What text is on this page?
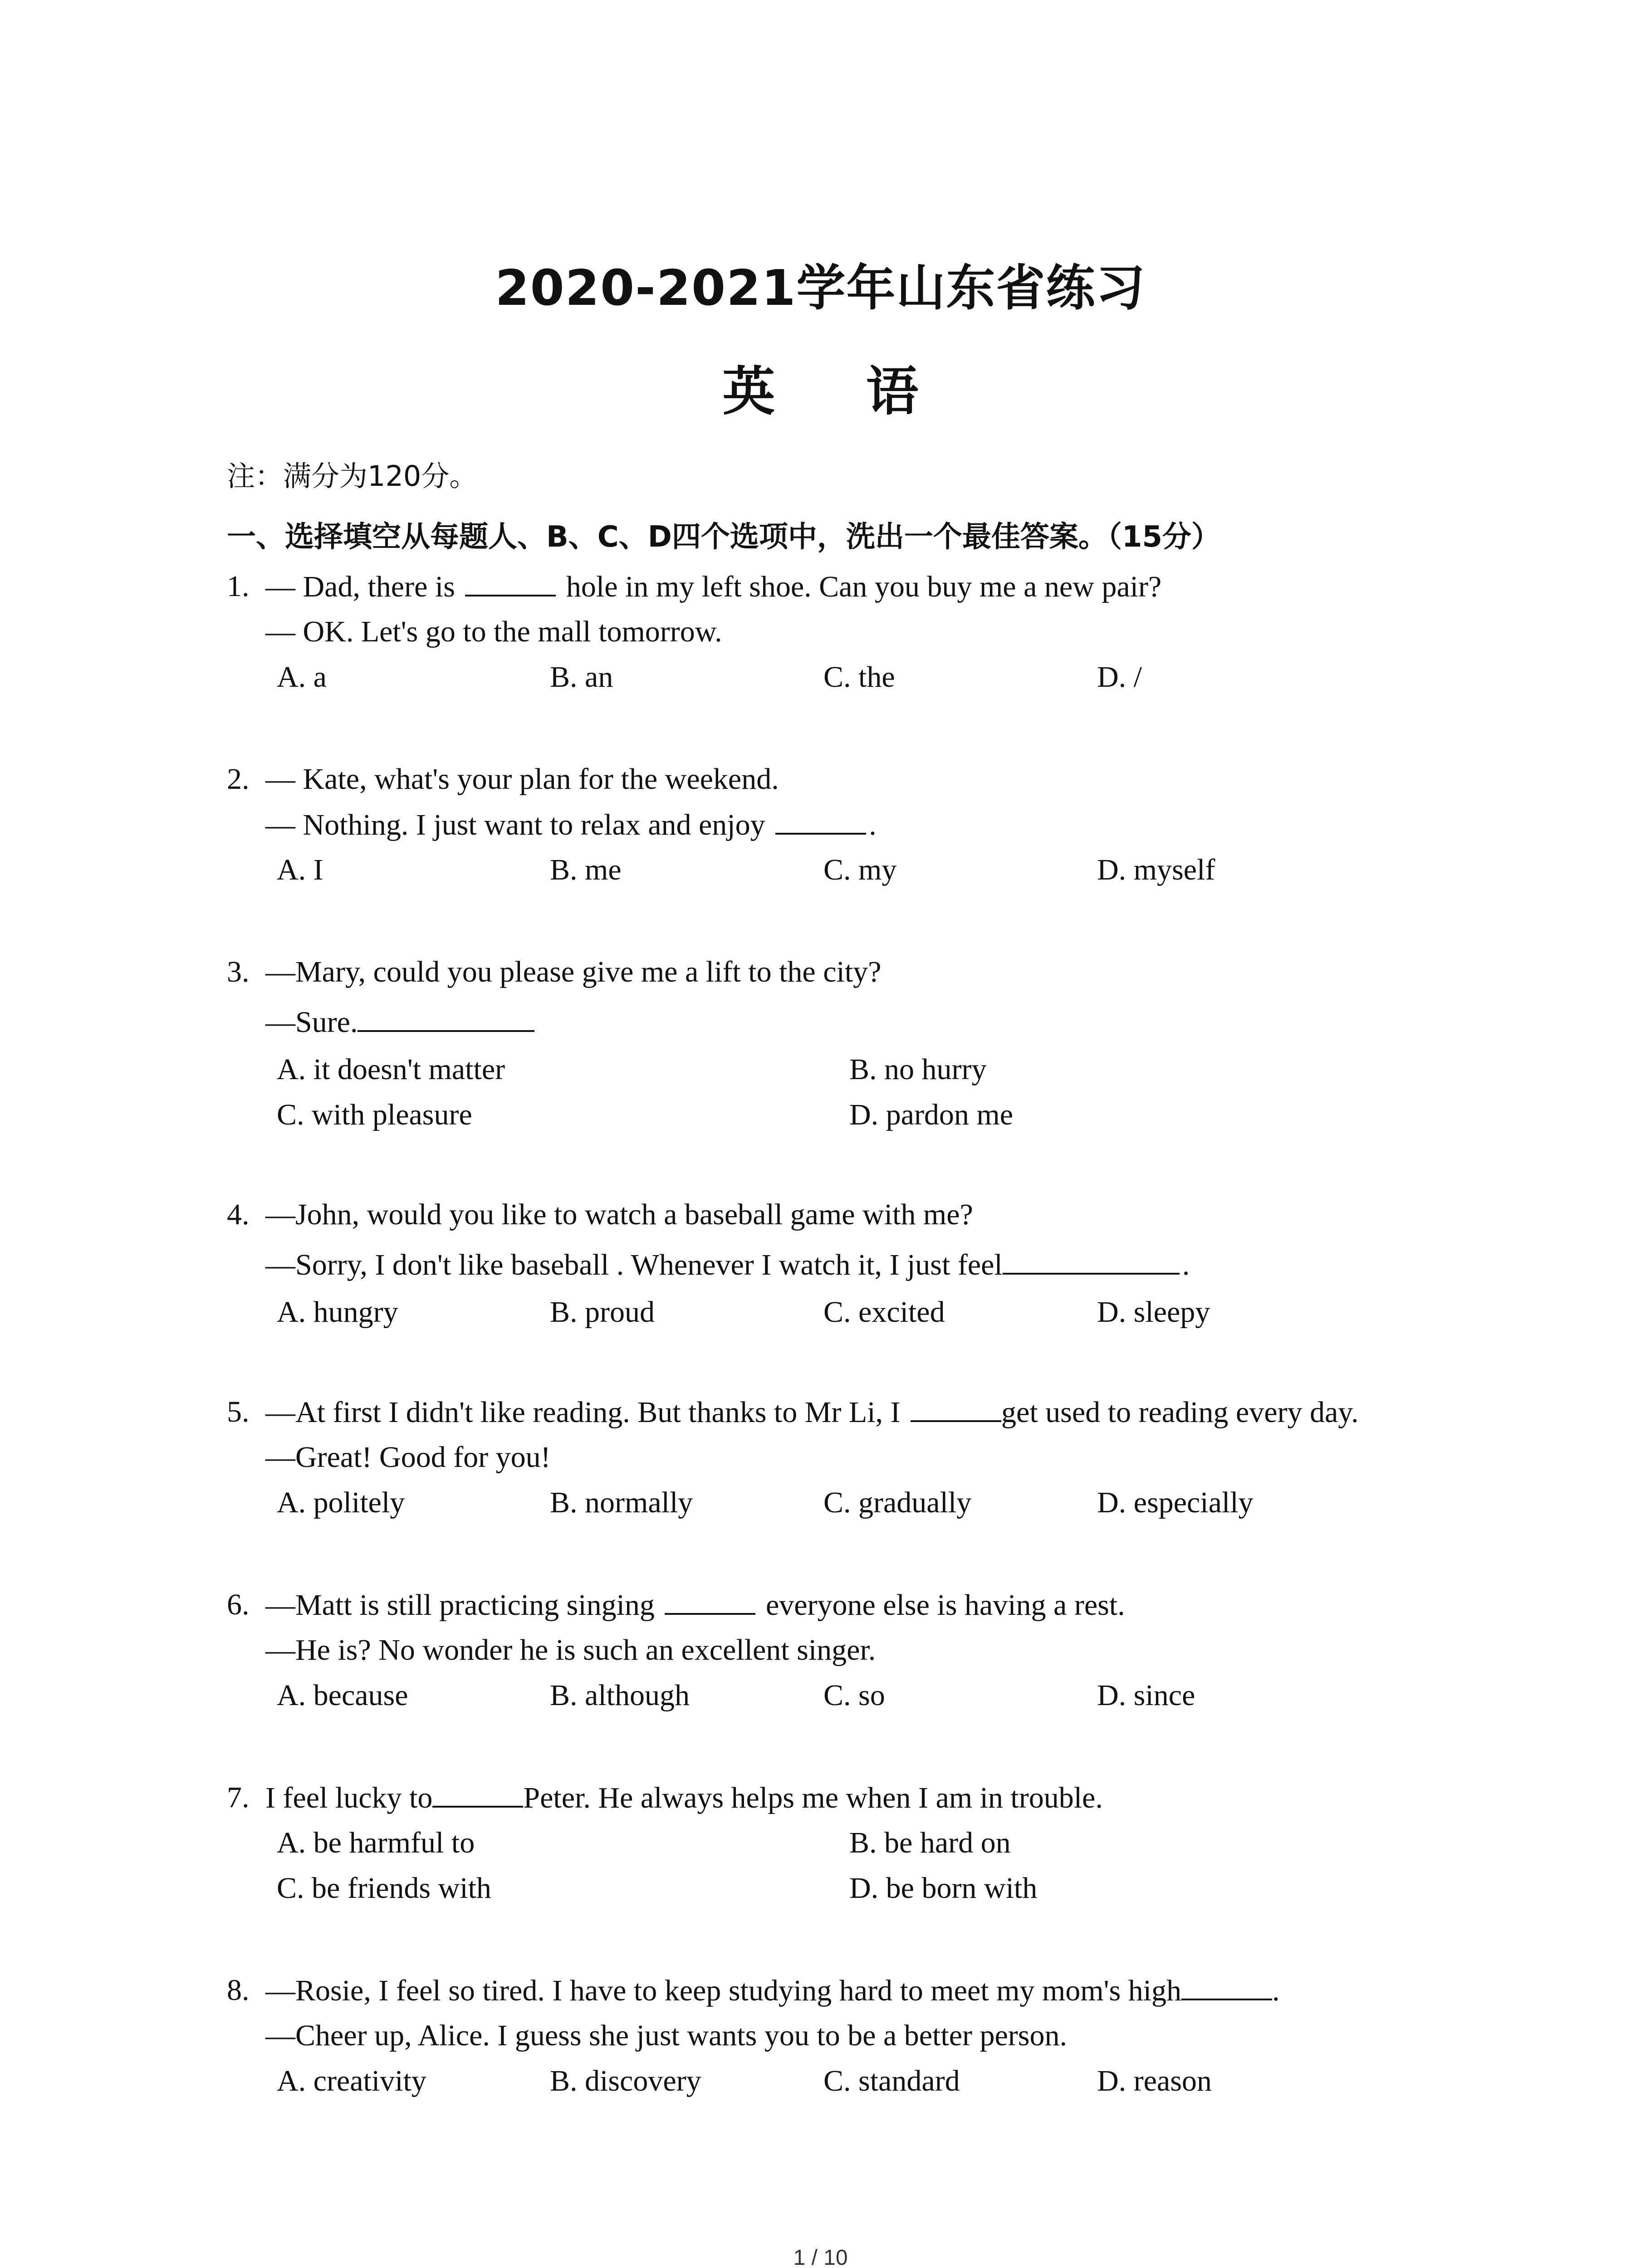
2020-2021学年山东省练习
英 语
注：满分为120分。
一、选择填空从每题人、B、C、D四个选项中，洗出一个最佳答案。（15分）
1. — Dad, there is	hole in my left shoe. Can you buy me a new pair?
— OK. Let's go to the mall tomorrow.
A. a	B. an	C. the	D. /
2. — Kate, what's your plan for the weekend.
— Nothing. I just want to relax and enjoy	.
A. I	B. me	C. my	D. myself
3. —Mary, could you please give me a lift to the city?
—Sure.
A. it doesn't matter	B. no hurry
C. with pleasure	D. pardon me
4. —John, would you like to watch a baseball game with me?
—Sorry, I don't like baseball . Whenever I watch it, I just feel	.
A. hungry	B. proud	C. excited	D. sleepy
5. —At first I didn't like reading. But thanks to Mr Li, I	get used to reading every day.
—Great! Good for you!
A. politely	B. normally	C. gradually	D. especially
6. —Matt is still practicing singing	everyone else is having a rest.
—He is? No wonder he is such an excellent singer.
A. because	B. although	C. so	D. since
7. I feel lucky to	Peter. He always helps me when I am in trouble.
A. be harmful to	B. be hard on
C. be friends with	D. be born with
8. —Rosie, I feel so tired. I have to keep studying hard to meet my mom's high	.
—Cheer up, Alice. I guess she just wants you to be a better person.
A. creativity	B. discovery	C. standard	D. reason
1 / 10
